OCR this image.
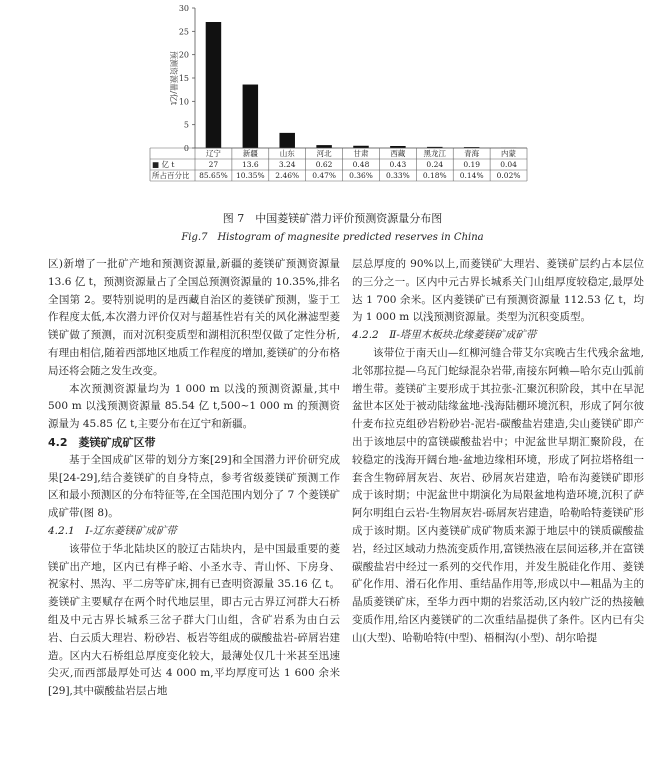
0
5
10
15
20
25
30
预测资源量/亿t
辽宁	新疆	山东	河北	甘肃	西藏 黑龙江 青海	内蒙
■ 亿 t	27	13.6	3.24	0.62	0.48	0.43	0.24	0.19	0.04
所占百分比 85.65% 10.35% 2.46% 0.47% 0.36% 0.33% 0.18% 0.14% 0.02%
图 7　中国菱镁矿潜力评价预测资源量分布图
Fig.7　Histogram of magnesite predicted reserves in China

区)新增了一批矿产地和预测资源量,新疆的菱镁矿预测资源量 13.6 亿 t，预测资源量占了全国总预测资源量的 10.35%,排名全国第 2。要特别说明的是西藏自治区的菱镁矿预测，鉴于工作程度太低,本次潜力评价仅对与超基性岩有关的风化淋滤型菱镁矿做了预测，而对沉积变质型和湖相沉积型仅做了定性分析,有理由相信,随着西部地区地质工作程度的增加,菱镁矿的分布格局还将会随之发生改变。

本次预测资源量均为 1 000 m 以浅的预测资源量,其中 500 m 以浅预测资源量 85.54 亿 t,500~1 000 m 的预测资源量为 45.85 亿 t,主要分布在辽宁和新疆。

4.2　菱镁矿成矿区带

基于全国成矿区带的划分方案[29]和全国潜力评价研究成果[24-29],结合菱镁矿的自身特点，参考省级菱镁矿预测工作区和最小预测区的分布特征等,在全国范围内划分了 7 个菱镁矿成矿带(图 8)。

4.2.1　Ⅰ-辽东菱镁矿成矿带

该带位于华北陆块区的胶辽古陆块内，是中国最重要的菱镁矿出产地，区内已有桦子峪、小圣水寺、青山怀、下房身、祝家村、黑沟、平二房等矿床,拥有已查明资源量 35.16 亿 t。菱镁矿主要赋存在两个时代地层里，即古元古界辽河群大石桥组及中元古界长城系三岔子群大门山组，含矿岩系为由白云岩、白云质大理岩、粉砂岩、板岩等组成的碳酸盐岩-碎屑岩建造。区内大石桥组总厚度变化较大，最薄处仅几十米甚至迅速尖灭,而西部最厚处可达 4 000 m,平均厚度可达 1 600 余米[29],其中碳酸盐岩层占地

层总厚度的 90%以上,而菱镁矿大理岩、菱镁矿层约占本层位的三分之一。区内中元古界长城系关门山组厚度较稳定,最厚处达 1 700 余米。区内菱镁矿已有预测资源量 112.53 亿 t，均为 1 000 m 以浅预测资源量。类型为沉积变质型。

4.2.2　Ⅱ-塔里木板块北缘菱镁矿成矿带

该带位于南天山—红柳河缝合带艾尔宾晚古生代残余盆地,北邻那拉提—乌瓦门蛇绿混杂岩带,南接东阿赖—哈尔克山弧前增生带。菱镁矿主要形成于其拉张-汇聚沉积阶段，其中在早泥盆世本区处于被动陆缘盆地-浅海陆棚环境沉积，形成了阿尔彼什麦布拉克组砂岩粉砂岩-泥岩-碳酸盐岩建造,尖山菱镁矿即产出于该地层中的富镁碳酸盐岩中；中泥盆世早期汇聚阶段，在较稳定的浅海开阔台地-盆地边缘相环境，形成了阿拉塔格组一套含生物碎屑灰岩、灰岩、砂屑灰岩建造，哈布沟菱镁矿即形成于该时期；中泥盆世中期演化为局限盆地构造环境,沉积了萨阿尔明组白云岩-生物屑灰岩-砾屑灰岩建造，哈勒哈特菱镁矿形成于该时期。区内菱镁矿成矿物质来源于地层中的镁质碳酸盐岩，经过区域动力热流变质作用,富镁热液在层间运移,并在富镁碳酸盐岩中经过一系列的交代作用，并发生脱硅化作用、菱镁矿化作用、滑石化作用、重结晶作用等,形成以中—粗晶为主的晶质菱镁矿床，至华力西中期的岩浆活动,区内较广泛的热接触变质作用,给区内菱镁矿的二次重结晶提供了条件。区内已有尖山(大型)、哈勒哈特(中型)、梧桐沟(小型)、胡尔哈提
